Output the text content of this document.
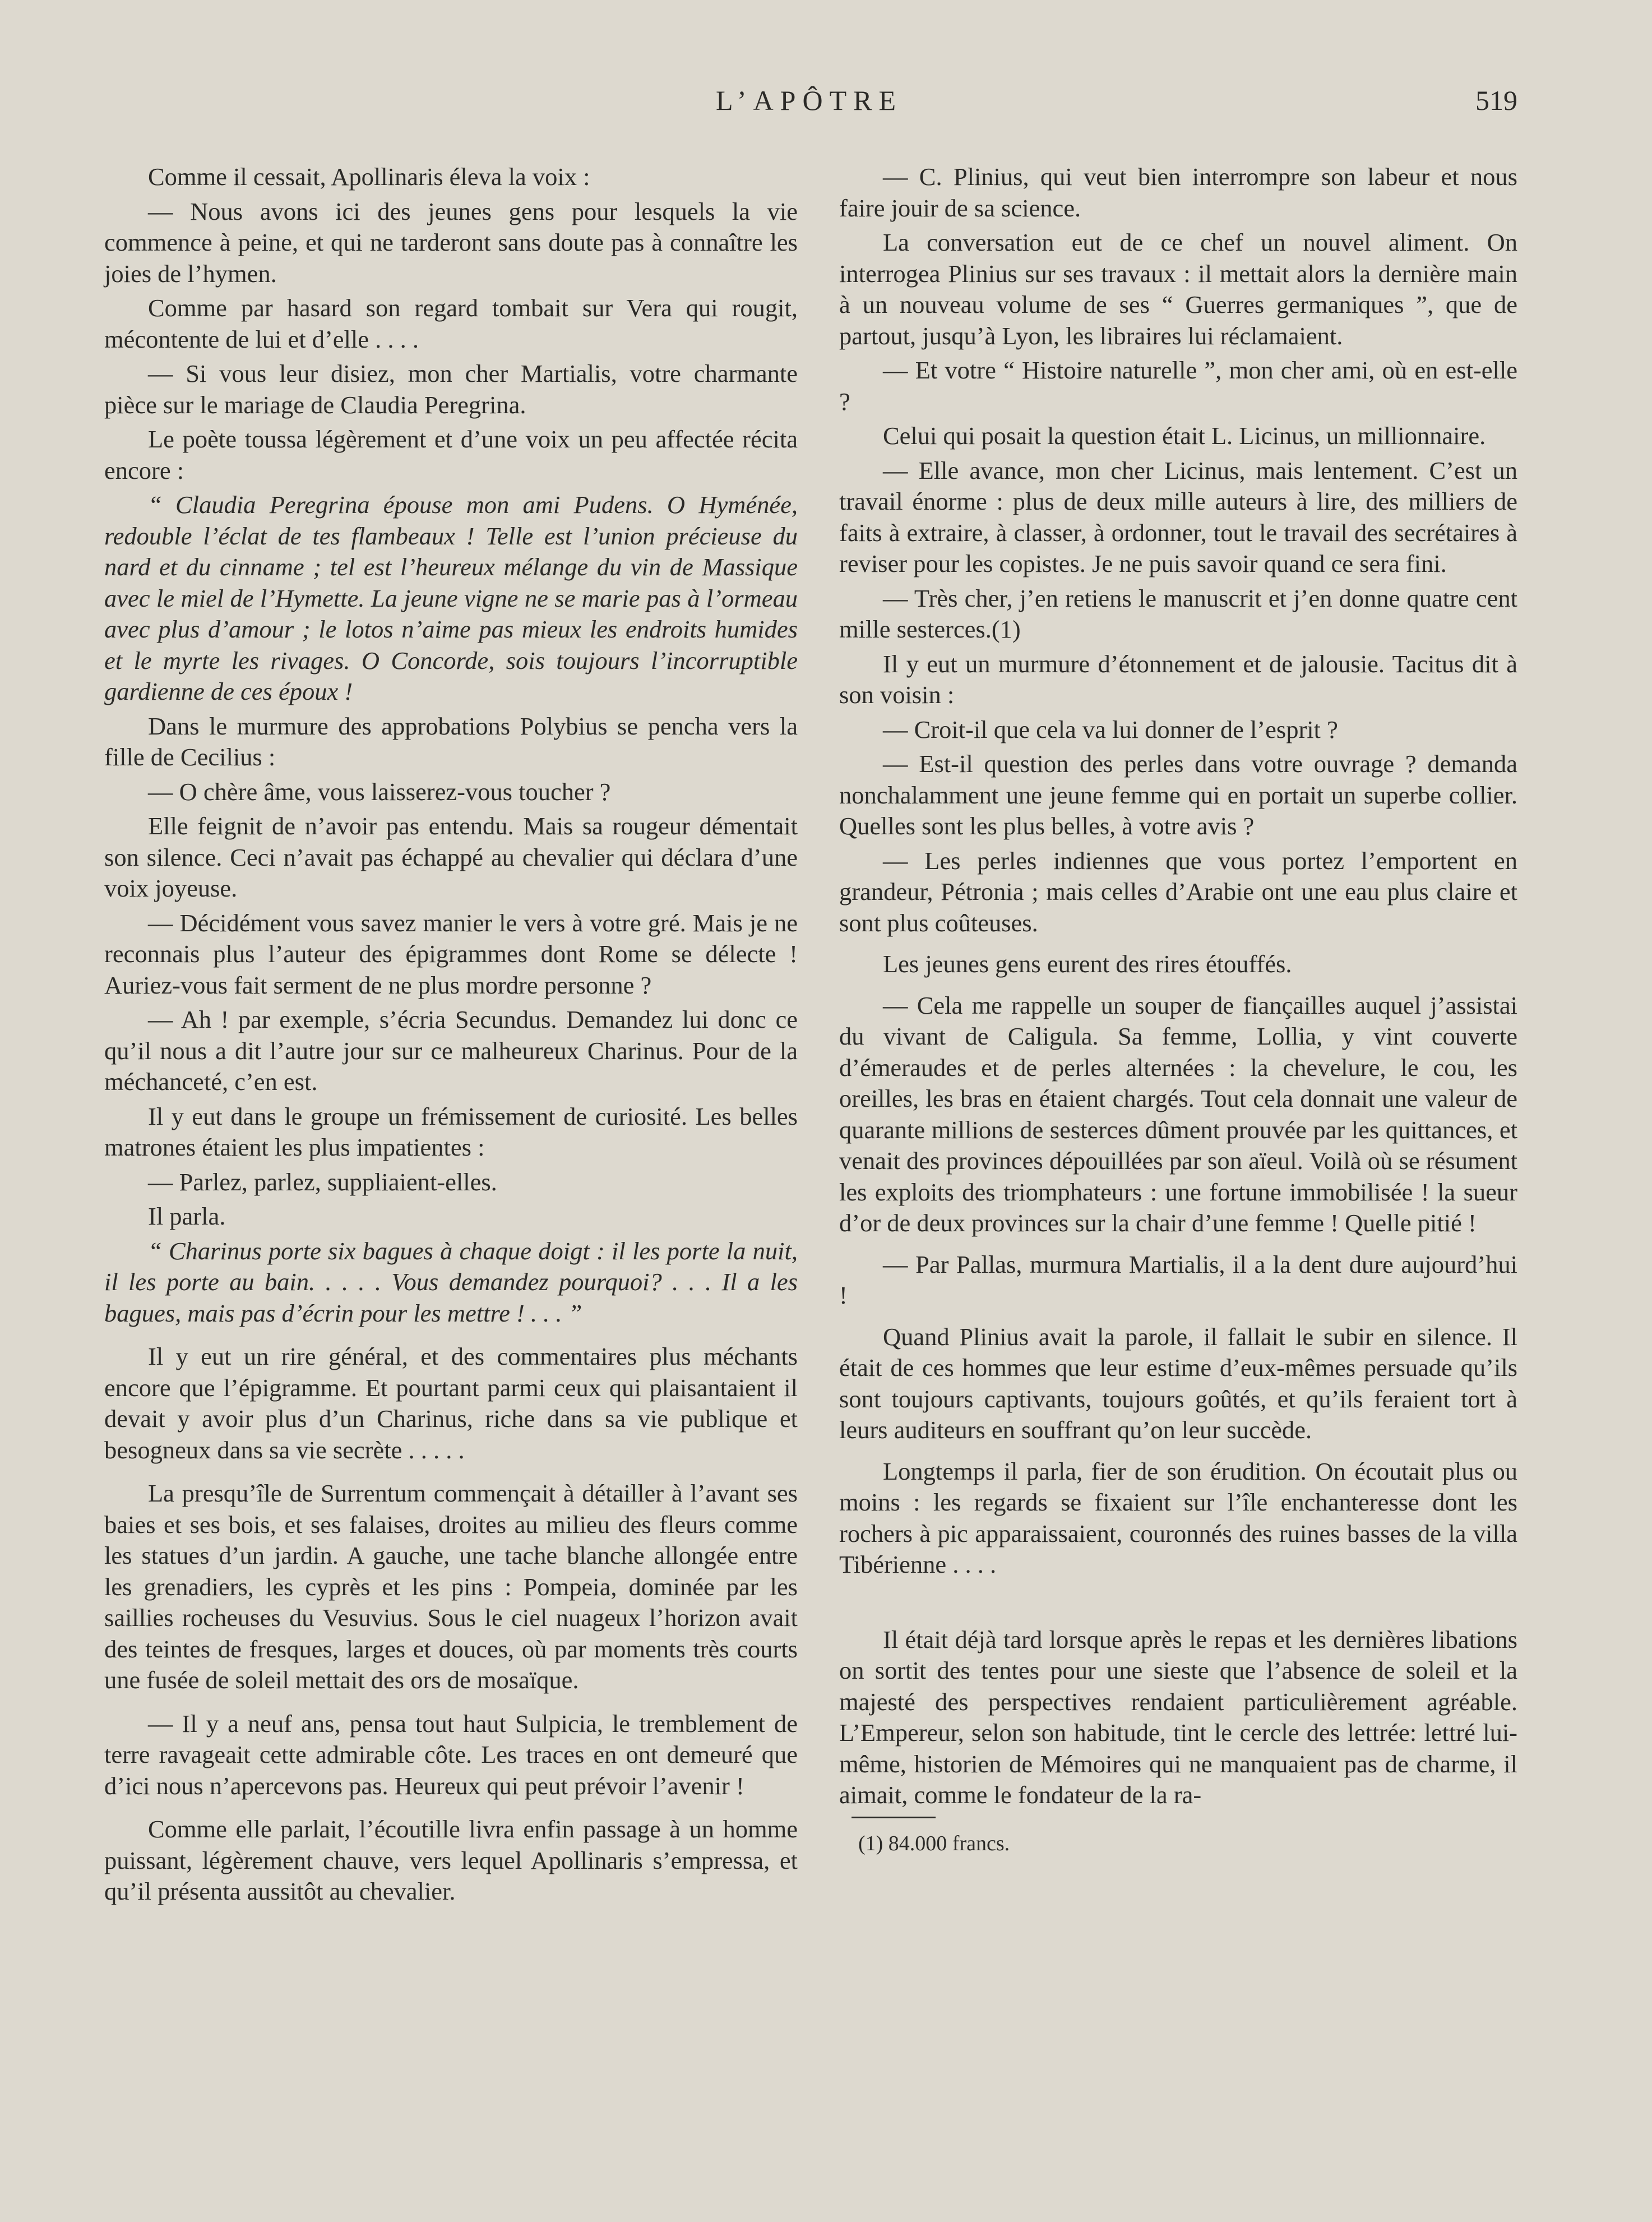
L’APÔTRE	519

Comme il cessait, Apollinaris éleva la voix :

— Nous avons ici des jeunes gens pour lesquels la vie commence à peine, et qui ne tarderont sans doute pas à connaître les joies de l’hymen.

Comme par hasard son regard tombait sur Vera qui rougit, mécontente de lui et d’elle . . . .

— Si vous leur disiez, mon cher Martialis, votre charmante pièce sur le mariage de Claudia Peregrina.

Le poète toussa légèrement et d’une voix un peu affectée récita encore :

“ Claudia Peregrina épouse mon ami Pudens. O Hyménée, redouble l’éclat de tes flambeaux ! Telle est l’union précieuse du nard et du cinname ; tel est l’heureux mélange du vin de Massique avec le miel de l’Hymette. La jeune vigne ne se marie pas à l’ormeau avec plus d’amour ; le lotos n’aime pas mieux les endroits humides et le myrte les rivages. O Concorde, sois toujours l’incorruptible gardienne de ces époux !

Dans le murmure des approbations Polybius se pencha vers la fille de Cecilius :

— O chère âme, vous laisserez-vous toucher ?

Elle feignit de n’avoir pas entendu. Mais sa rougeur démentait son silence. Ceci n’avait pas échappé au chevalier qui déclara d’une voix joyeuse.

— Décidément vous savez manier le vers à votre gré. Mais je ne reconnais plus l’auteur des épigrammes dont Rome se délecte ! Auriez-vous fait serment de ne plus mordre personne ?

— Ah ! par exemple, s’écria Secundus. Demandez lui donc ce qu’il nous a dit l’autre jour sur ce malheureux Charinus. Pour de la méchanceté, c’en est.

Il y eut dans le groupe un frémissement de curiosité. Les belles matrones étaient les plus impatientes :

— Parlez, parlez, suppliaient-elles.

Il parla.

“ Charinus porte six bagues à chaque doigt : il les porte la nuit, il les porte au bain. . . . . Vous demandez pourquoi? . . . Il a les bagues, mais pas d’écrin pour les mettre ! . . . ”

Il y eut un rire général, et des commentaires plus méchants encore que l’épigramme. Et pourtant parmi ceux qui plaisantaient il devait y avoir plus d’un Charinus, riche dans sa vie publique et besogneux dans sa vie secrète . . . . .

La presqu’île de Surrentum commençait à détailler à l’avant ses baies et ses bois, et ses falaises, droites au milieu des fleurs comme les statues d’un jardin. A gauche, une tache blanche allongée entre les grenadiers, les cyprès et les pins : Pompeia, dominée par les saillies rocheuses du Vesuvius. Sous le ciel nuageux l’horizon avait des teintes de fresques, larges et douces, où par moments très courts une fusée de soleil mettait des ors de mosaïque.

— Il y a neuf ans, pensa tout haut Sulpicia, le tremblement de terre ravageait cette admirable côte. Les traces en ont demeuré que d’ici nous n’apercevons pas. Heureux qui peut prévoir l’avenir !

Comme elle parlait, l’écoutille livra enfin passage à un homme puissant, légèrement chauve, vers lequel Apollinaris s’empressa, et qu’il présenta aussitôt au chevalier.

— C. Plinius, qui veut bien interrompre son labeur et nous faire jouir de sa science.

La conversation eut de ce chef un nouvel aliment. On interrogea Plinius sur ses travaux : il mettait alors la dernière main à un nouveau volume de ses “ Guerres germaniques ”, que de partout, jusqu’à Lyon, les libraires lui réclamaient.

— Et votre “ Histoire naturelle ”, mon cher ami, où en est-elle ?

Celui qui posait la question était L. Licinus, un millionnaire.

— Elle avance, mon cher Licinus, mais lentement. C’est un travail énorme : plus de deux mille auteurs à lire, des milliers de faits à extraire, à classer, à ordonner, tout le travail des secrétaires à reviser pour les copistes. Je ne puis savoir quand ce sera fini.

— Très cher, j’en retiens le manuscrit et j’en donne quatre cent mille sesterces.(1)

Il y eut un murmure d’étonnement et de jalousie. Tacitus dit à son voisin :

— Croit-il que cela va lui donner de l’esprit ?

— Est-il question des perles dans votre ouvrage ? demanda nonchalamment une jeune femme qui en portait un superbe collier. Quelles sont les plus belles, à votre avis ?

— Les perles indiennes que vous portez l’emportent en grandeur, Pétronia ; mais celles d’Arabie ont une eau plus claire et sont plus coûteuses.

Les jeunes gens eurent des rires étouffés.

— Cela me rappelle un souper de fiançailles auquel j’assistai du vivant de Caligula. Sa femme, Lollia, y vint couverte d’émeraudes et de perles alternées : la chevelure, le cou, les oreilles, les bras en étaient chargés. Tout cela donnait une valeur de quarante millions de sesterces dûment prouvée par les quittances, et venait des provinces dépouillées par son aïeul. Voilà où se résument les exploits des triomphateurs : une fortune immobilisée ! la sueur d’or de deux provinces sur la chair d’une femme ! Quelle pitié !

— Par Pallas, murmura Martialis, il a la dent dure aujourd’hui !

Quand Plinius avait la parole, il fallait le subir en silence. Il était de ces hommes que leur estime d’eux-mêmes persuade qu’ils sont toujours captivants, toujours goûtés, et qu’ils feraient tort à leurs auditeurs en souffrant qu’on leur succède.

Longtemps il parla, fier de son érudition. On écoutait plus ou moins : les regards se fixaient sur l’île enchanteresse dont les rochers à pic apparaissaient, couronnés des ruines basses de la villa Tibérienne . . . .

Il était déjà tard lorsque après le repas et les dernières libations on sortit des tentes pour une sieste que l’absence de soleil et la majesté des perspectives rendaient particulièrement agréable. L’Empereur, selon son habitude, tint le cercle des lettrée: lettré lui-même, historien de Mémoires qui ne manquaient pas de charme, il aimait, comme le fondateur de la ra-

(1) 84.000 francs.
